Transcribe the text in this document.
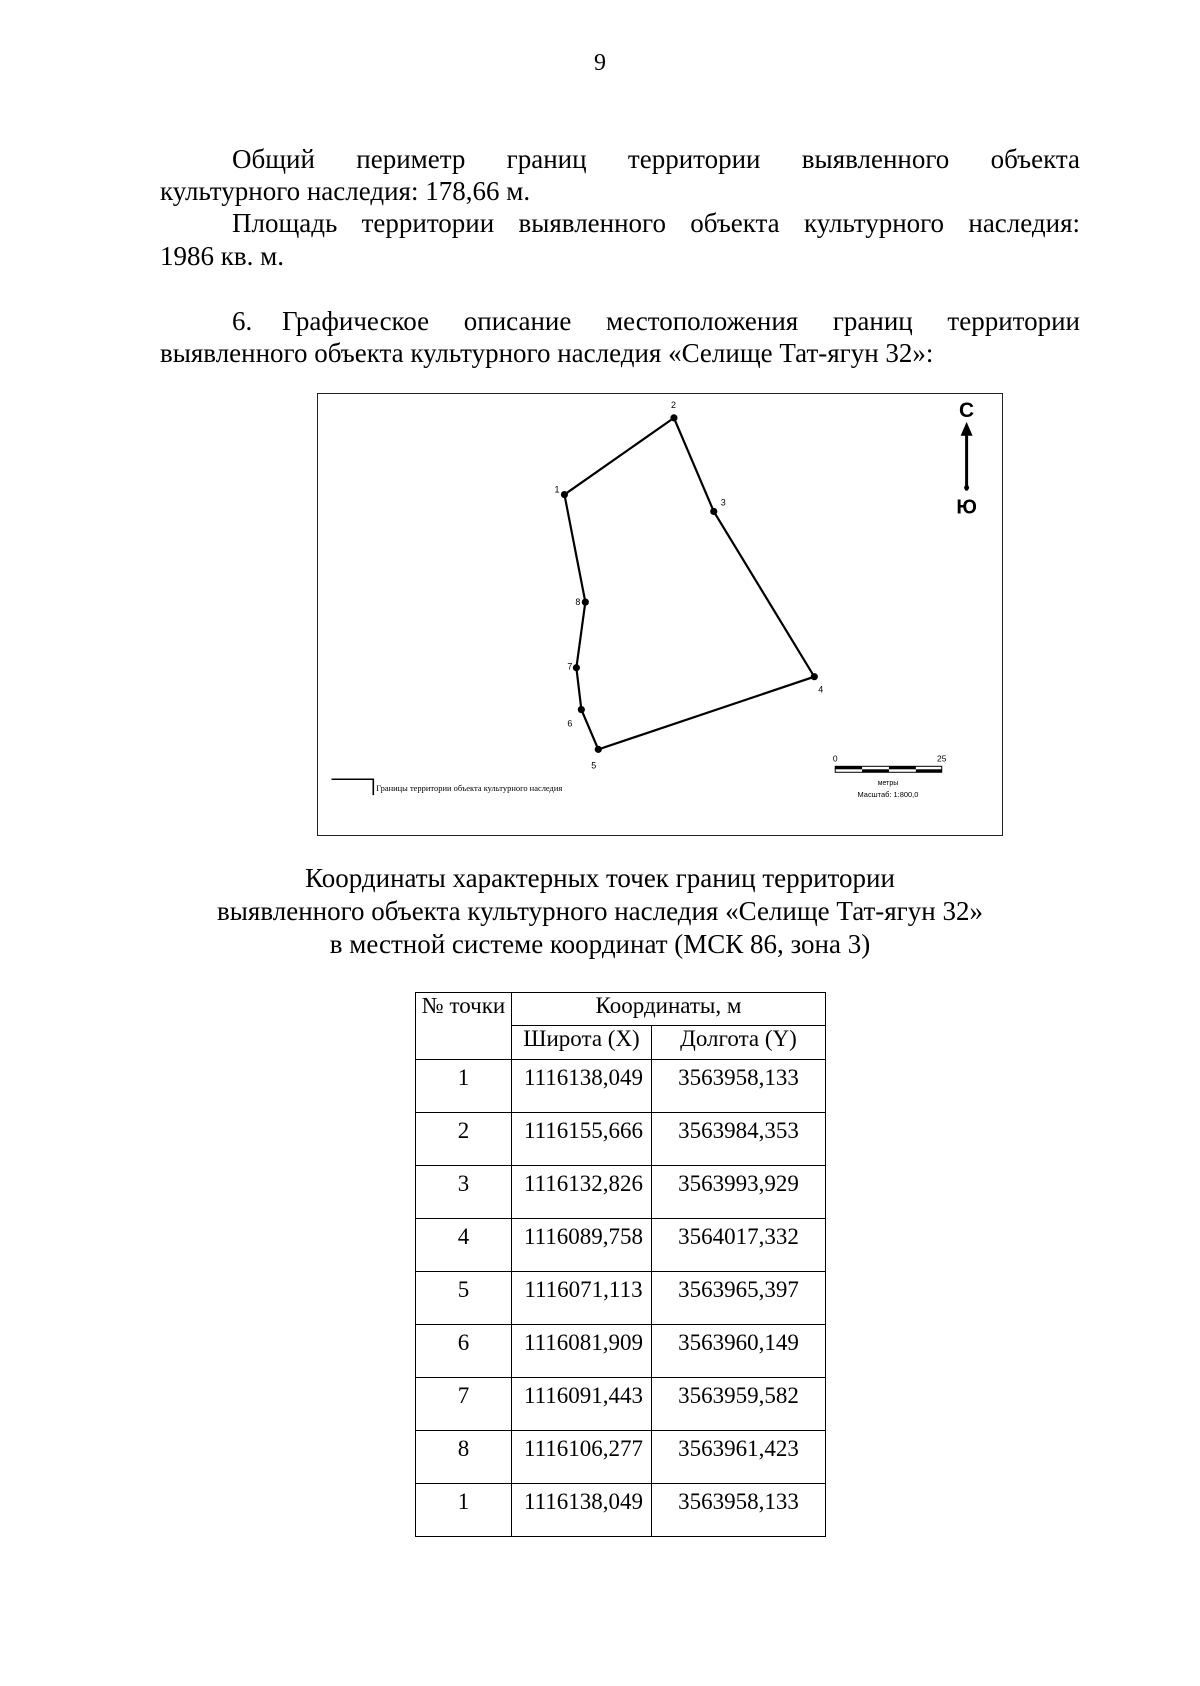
9

Общий периметр границ территории выявленного объекта

культурного наследия: 178,66 м.

Площадь территории выявленного объекта культурного наследия:

1986 кв. м.

6. Графическое описание местоположения границ территории

выявленного объекта культурного наследия «Селище Тат-ягун 32»:

1
2
3
4
5
6
7
8
С
Ю
Границы территории объекта культурного наследия
0	25
метры
Масштаб: 1:800,0
Координаты характерных точек границ территории
выявленного объекта культурного наследия «Селище Тат-ягун 32»
в местной системе координат (МСК 86, зона 3)
№ точки	Координаты, м	
	Широта (X)	Долгота (Y)
1	1116138,049	3563958,133
2	1116155,666	3563984,353
3	1116132,826	3563993,929
4	1116089,758	3564017,332
5	1116071,113	3563965,397
6	1116081,909	3563960,149
7	1116091,443	3563959,582
8	1116106,277	3563961,423
1	1116138,049	3563958,133
